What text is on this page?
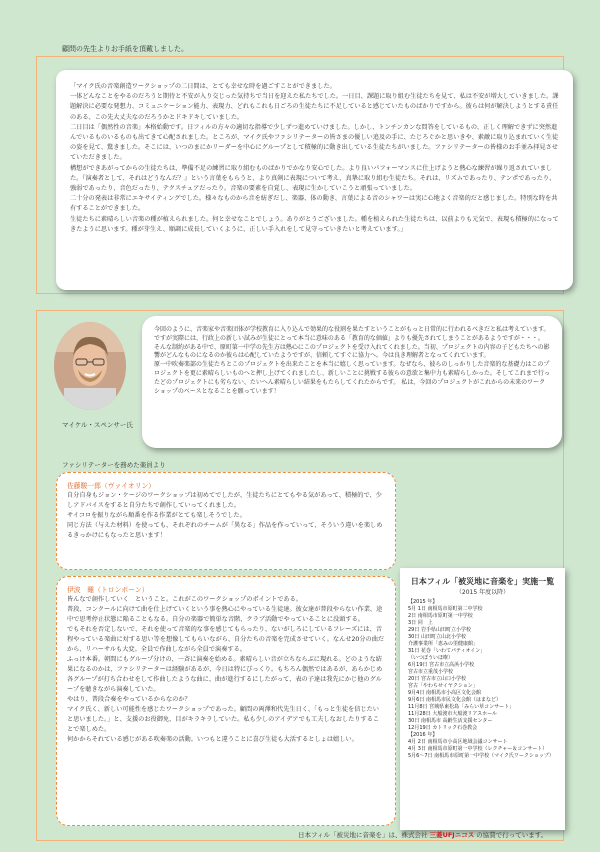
顧問の先生よりお手紙を頂戴しました。
「マイク氏の音楽創造ワークショップの二日間は、とても幸せな時を過ごすことができました。
一体どんなことをやるのだろうと期待と不安が入り交じった気持ちで当日を迎えた私たちでした。一日目、課題に取り組む生徒たちを見て、私は不安が増大していきました。課題解決に必要な発想力、コミュニケーション能力、表現力、どれもこれも日ごろの生徒たちに不足していると感じていたものばかりですから。彼らは何が解決しようとする責任のある、この先大丈夫なのだろうかとドキドキしていました。
二日目は「偶然性の音楽」本格始動です。日フィルの方々の適切な指導で少しずつ進めていけました。しかし、トンチンカンな問答をしているもの、正しく理解できずに突然進んでいるものいるものも出てきて心配されました。ところが、マイク氏やファシリテーターの皆さまの優しい追及の手に、たじろぐかと思いきや、素敵に取り込まれていく生徒の姿を見て、驚きました。そこには、いつのまにかリーダーを中心にグループとして積極的に動き出している生徒たちがいました。ファシリテーターの皆様のお手並み拝見させていただきました。
構想ができあがってからの生徒たちは、準備不足の練習に取り組むものばかりでかなり安心でした。より良いパフォーマンスに仕上げようと熱心な練習が繰り返されていました。『演奏者として、それはどうなんだ？』という言葉をもらうと、より真剣に表現について考え、真摯に取り組む生徒たち。それは、リズムであったり、テンポであったり、強弱であったり、音色だったり、テクスチュアだったり。音楽の要素を自覚し、表現に生かしていこうと頑張っていました。
二十分の発表は非常にエキサイティングでした。様々なものから音を紡ぎだし、楽器、体の動き、言葉による音のシャワーは実に心地よく音楽的だと感じました。特別な時を共有することができました。
生徒たちに素晴らしい音楽の種が植えられました。何と幸せなことでしょう。ありがとうございました。種を植えられた生徒たちは、以前よりも元気で、表現も積極的になってきたように思います。種が芽生え、順調に成長していくように、正しい手入れをして見守っていきたいと考えています。」
マイケル・スペンサー氏
今回のように、音楽家や音楽団体が学校教育に入り込んで効果的な役割を果たすということがもっと日常的に行われるべきだと私は考えています。ですが実際には、行政上の新しい試みが生徒にとって本当に意味のある「教育的な価値」よりも優先されてしまうことがあるようですが・・・。
そんな制約がある中で、原町第一中学の先生方は熱心にこのプロジェクトを受け入れてくれました。当初、プロジェクトの内容の子どもたちへの影響がどんなものになるのか彼らは心配していたようですが、信頼してすぐに協力へ。今は良き理解者となってくれています。
原一中吹奏楽部の生徒たちとこのプロジェクトを出来たことを本当に嬉しく思っています。なぜなら、彼らのしっかりした音楽的な基礎力はこのプロジェクトを更に素晴らしいものへと押し上げてくれましたし、新しいことに挑戦する彼らの意欲と集中力も素晴らしかった。そしてこれまで行ったどのプロジェクトにも劣らない、たいへん素晴らしい結果をもたらしてくれたからです。 私は、今回のプロジェクトがこれからの未来のワークショップのベースとなることを願っています！
ファシリテーターを務めた楽員より
佐藤駿一郎（ヴァイオリン）
自分自身もジョン・ケージのワークショップは初めてでしたが、生徒たちにとてもやる気があって、積極的で、少しアドバイスをすると自分たちで創作していってくれました。
サイコロを振りながら順番を作る作業がとても楽しそうでした。
同じ方法（与えた材料）を使っても、それぞれのチームが「異なる」作品を作っていって、そういう違いを楽しめるきっかけにもなったと思います！
伊波　睡（トロンボーン）
皆んなで創作していく　ということ。これがこのワークショップのポイントである。
普段、コンクールに向けて曲を仕上げていくという事を熱心にやっている生徒達。彼女達が普段やらない作業、途中で思考停止状態に陥ることもなる。自分の楽器で簡単な音階、クラブ活動でやっていることに没頭する。
でもそれを否定しないで、それを使って音楽的な事を感じてもらったり、ないがしろにしているフレーズには、音程やっている楽曲に対する思い等を想像してもらいながら、自分たちの音楽を完成させていく。なんせ20分の曲だから、リハーサルも大変。全員で作曲しながら全員で演奏する。
ふっけ本番。朝間にもグループ分けの、一斉に演奏を始める。素晴らしい音が立ちならぶに現れる。どのような結果になるのかは、ファシリテーターは経験があるが、今日は特にびっくり。もちろん偶然ではあるが、あらかじめ各グループが打ち合わせをして作曲したような曲に、曲が進行するにしたがって、表の子達は我先にかじ他のグループを聴きながら演奏していた。
やはり、普段合奏をやっているからなのか？
マイク氏く、新しい可能性を感じたワークショップであった。顧問の両澤和代先生日く、「もっと生徒を信じたいと思いました。」と、支援のお役御免、目がキラキラしていた。私も少しのアイデアでも工夫しなおしたりすることで楽しめた。
何かからそれている感じがある吹奏楽の活動。いつもと違うことに喜び生徒も大活するとしょは嬉しい。
日本フィル「被災地に音楽を」実施一覧
（2015 年度以降）
【2015 年】
5月 1日 南相馬市原町第二中学校
2日 南相馬市原町第一中学校
3日 同　上
29日 岩手県山田町立小学校
30日 山田町立山北小学校
介護事業所「恵みの里健康館」
31日 花巻「いわてパティオイン」
（いつぼういほ療）
6月19日 宮古市立高浜小学校
宮古市立重茂小学校
20日 宮古市立山口小学校
宮古「やわちせイヤクション」
9月4日 南相馬市小高区文化会館
9月6日 南相馬市民文化会館（はまなど）
11月8日 宮城県東松島「みらい草コンサート」
11月28日 大船渡市大船渡リアスホール
30日 南相馬市 高齢生活支援センター
12月19日 カトリック石巻教会
【2016 年】
4月 2日 南相馬市小高区地域会議コンサート
4月 3日 南相馬市原町第一中学校（レクチャー＆コンサート）
5月6～7日 南相馬市原町第一中学校（マイク氏ワークショップ）
日本フィル「被災地に音楽を」は、株式会社 三菱UFJニコス の協賛で行っています。
